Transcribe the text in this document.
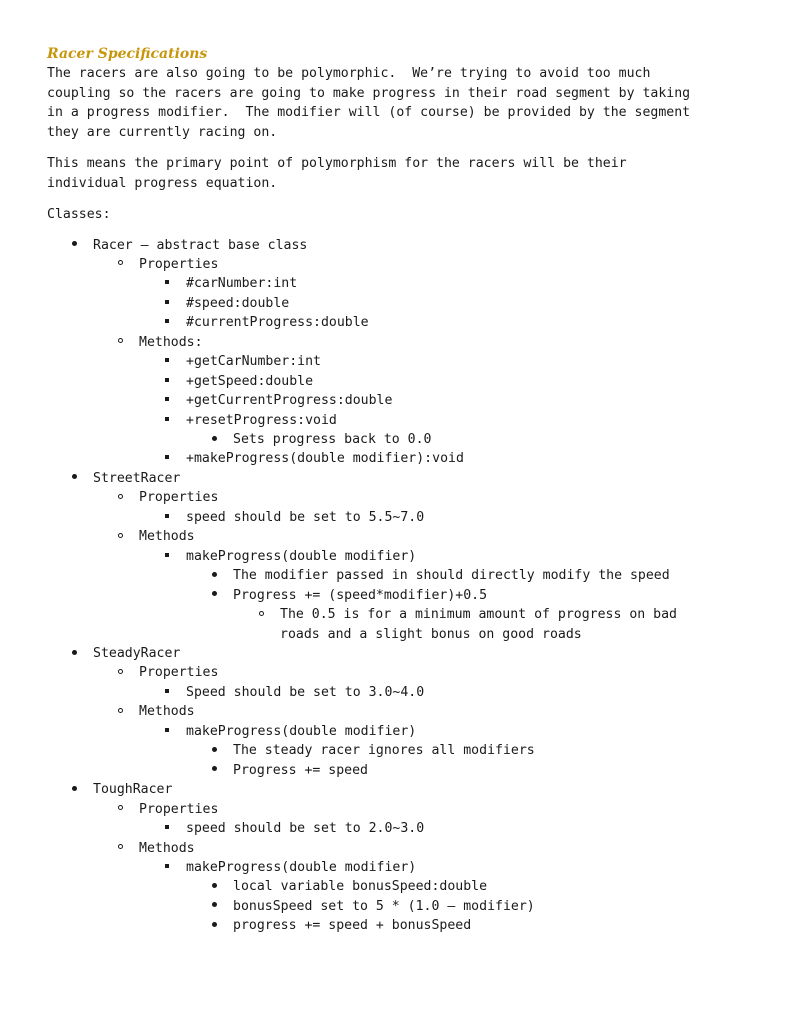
Racer Specifications

The racers are also going to be polymorphic.  We’re trying to avoid too much
coupling so the racers are going to make progress in their road segment by taking
in a progress modifier.  The modifier will (of course) be provided by the segment
they are currently racing on.

This means the primary point of polymorphism for the racers will be their
individual progress equation.

Classes:

Racer – abstract base class
Properties
#carNumber:int
#speed:double
#currentProgress:double
Methods:
+getCarNumber:int
+getSpeed:double
+getCurrentProgress:double
+resetProgress:void
Sets progress back to 0.0
+makeProgress(double modifier):void
StreetRacer
Properties
speed should be set to 5.5~7.0
Methods
makeProgress(double modifier)
The modifier passed in should directly modify the speed
Progress += (speed*modifier)+0.5
The 0.5 is for a minimum amount of progress on bad
roads and a slight bonus on good roads
SteadyRacer
Properties
Speed should be set to 3.0~4.0
Methods
makeProgress(double modifier)
The steady racer ignores all modifiers
Progress += speed
ToughRacer
Properties
speed should be set to 2.0~3.0
Methods
makeProgress(double modifier)
local variable bonusSpeed:double
bonusSpeed set to 5 * (1.0 – modifier)
progress += speed + bonusSpeed
